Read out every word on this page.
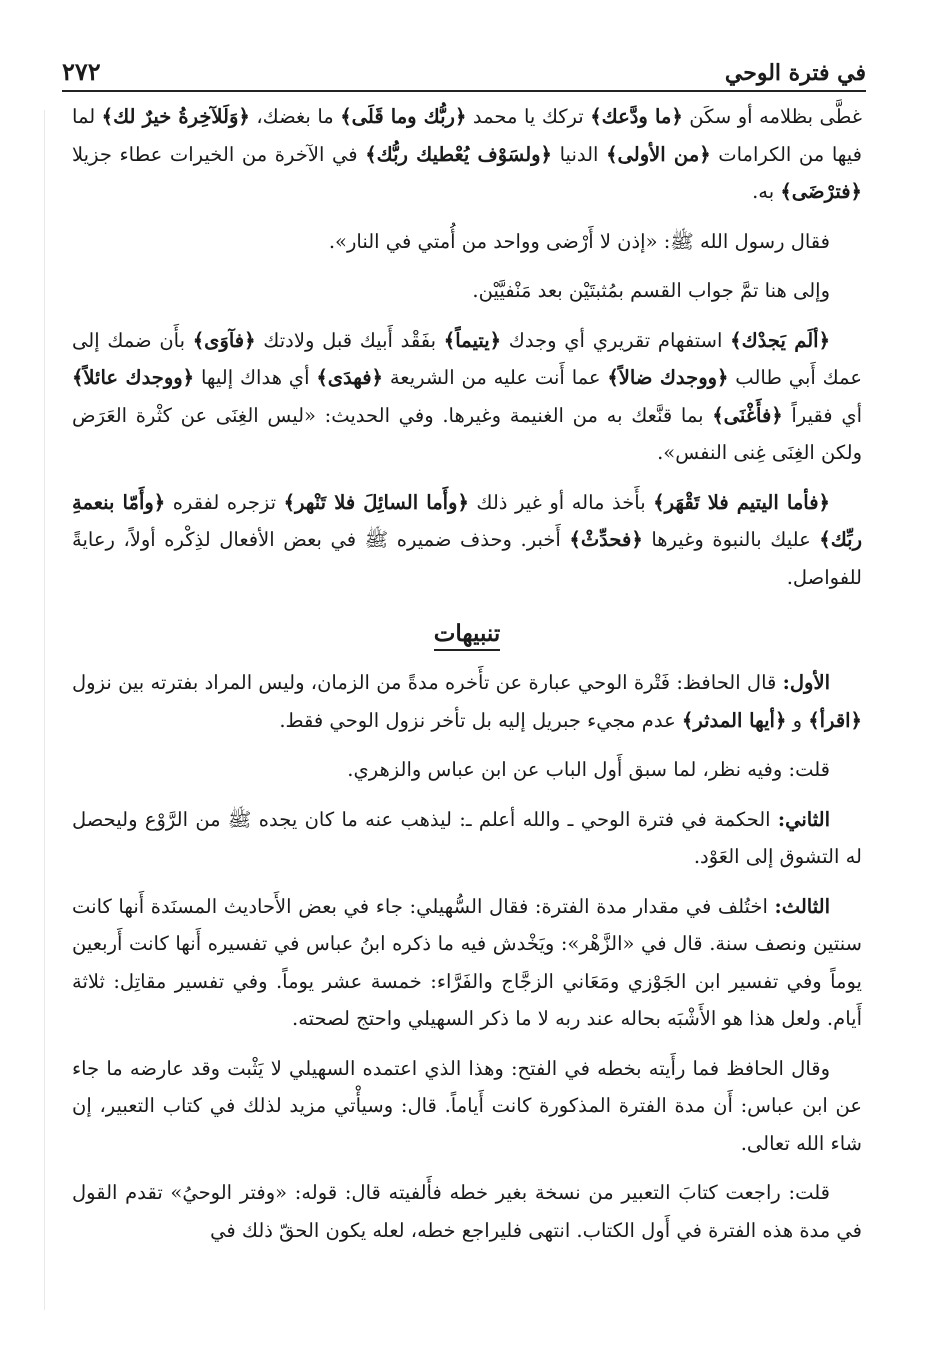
في فترة الوحي
٢٧٢

غطَّى بظلامه أو سكَن ﴿ما ودَّعك﴾ تركك يا محمد ﴿ربُّك وما قَلَى﴾ ما بغضك، ﴿وَلَلآخِرةُ خيرٌ لك﴾ لما فيها من الكرامات ﴿من الأولى﴾ الدنيا ﴿ولسَوْف يُعْطيك ربُّك﴾ في الآخرة من الخيرات عطاء جزيلا ﴿فترْضَى﴾ به.

فقال رسول الله ﷺ: «إذن لا أَرْضى وواحد من أُمتي في النار».

وإلى هنا تمَّ جواب القسم بمُثبتَيْن بعد مَنْفيَّيْن.

﴿ألَم يَجدْك﴾ استفهام تقريري أي وجدك ﴿يتيماً﴾ بفَقْد أَبيك قبل ولادتك ﴿فآوَى﴾ بأَن ضمك إلى عمك أَبي طالب ﴿ووجدك ضالاً﴾ عما أَنت عليه من الشريعة ﴿فهدَى﴾ أي هداك إليها ﴿ووجدك عائلاً﴾ أي فقيراً ﴿فأَغْنَى﴾ بما قنَّعك به من الغنيمة وغيرها. وفي الحديث: «ليس الغِنَى عن كثْرة العَرَض ولكن الغِنَى غِنى النفس».

﴿فأما اليتيم فلا تَقْهَر﴾ بأَخذ ماله أو غير ذلك ﴿وأَما السائِلَ فلا تَنْهر﴾ تزجره لفقره ﴿وأَمّا بنعمةِ ربِّك﴾ عليك بالنبوة وغيرها ﴿فحدِّثْ﴾ أَخبر. وحذف ضميره ﷺ في بعض الأفعال لذِكْره أولاً، رعايةً للفواصل.

تنبيهات

الأول: قال الحافظ: فَتْرة الوحي عبارة عن تأَخره مدةً من الزمان، وليس المراد بفترته بين نزول ﴿اقرأ﴾ و ﴿أيها المدثر﴾ عدم مجيء جبريل إليه بل تأخر نزول الوحي فقط.

قلت: وفيه نظر، لما سبق أَول الباب عن ابن عباس والزهري.

الثاني: الحكمة في فترة الوحي ـ والله أعلم ـ: ليذهب عنه ما كان يجده ﷺ من الرَّوْع وليحصل له التشوق إلى العَوْد.

الثالث: اختُلف في مقدار مدة الفترة: فقال السُّهيلي: جاء في بعض الأَحاديث المسنَدة أَنها كانت سنتين ونصف سنة. قال في «الزَّهْر»: ويَخْدش فيه ما ذكره ابنُ عباس في تفسيره أَنها كانت أَربعين يوماً وفي تفسير ابن الجَوْزي ومَعَاني الزجَّاج والفَرَّاء: خمسة عشر يوماً. وفي تفسير مقاتِل: ثلاثة أَيام. ولعل هذا هو الأَشْبَه بحاله عند ربه لا ما ذكر السهيلي واحتج لصحته.

وقال الحافظ فما رأَيته بخطه في الفتح: وهذا الذي اعتمده السهيلي لا يَثْبت وقد عارضه ما جاء عن ابن عباس: أَن مدة الفترة المذكورة كانت أَياماً. قال: وسيأْتي مزيد لذلك في كتاب التعبير، إن شاء الله تعالى.

قلت: راجعت كتابَ التعبير من نسخة بغير خطه فأَلفيته قال: قوله: «وفتر الوحيُ» تقدم القول في مدة هذه الفترة في أَول الكتاب. انتهى فليراجع خطه، لعله يكون الحقّ ذلك في
